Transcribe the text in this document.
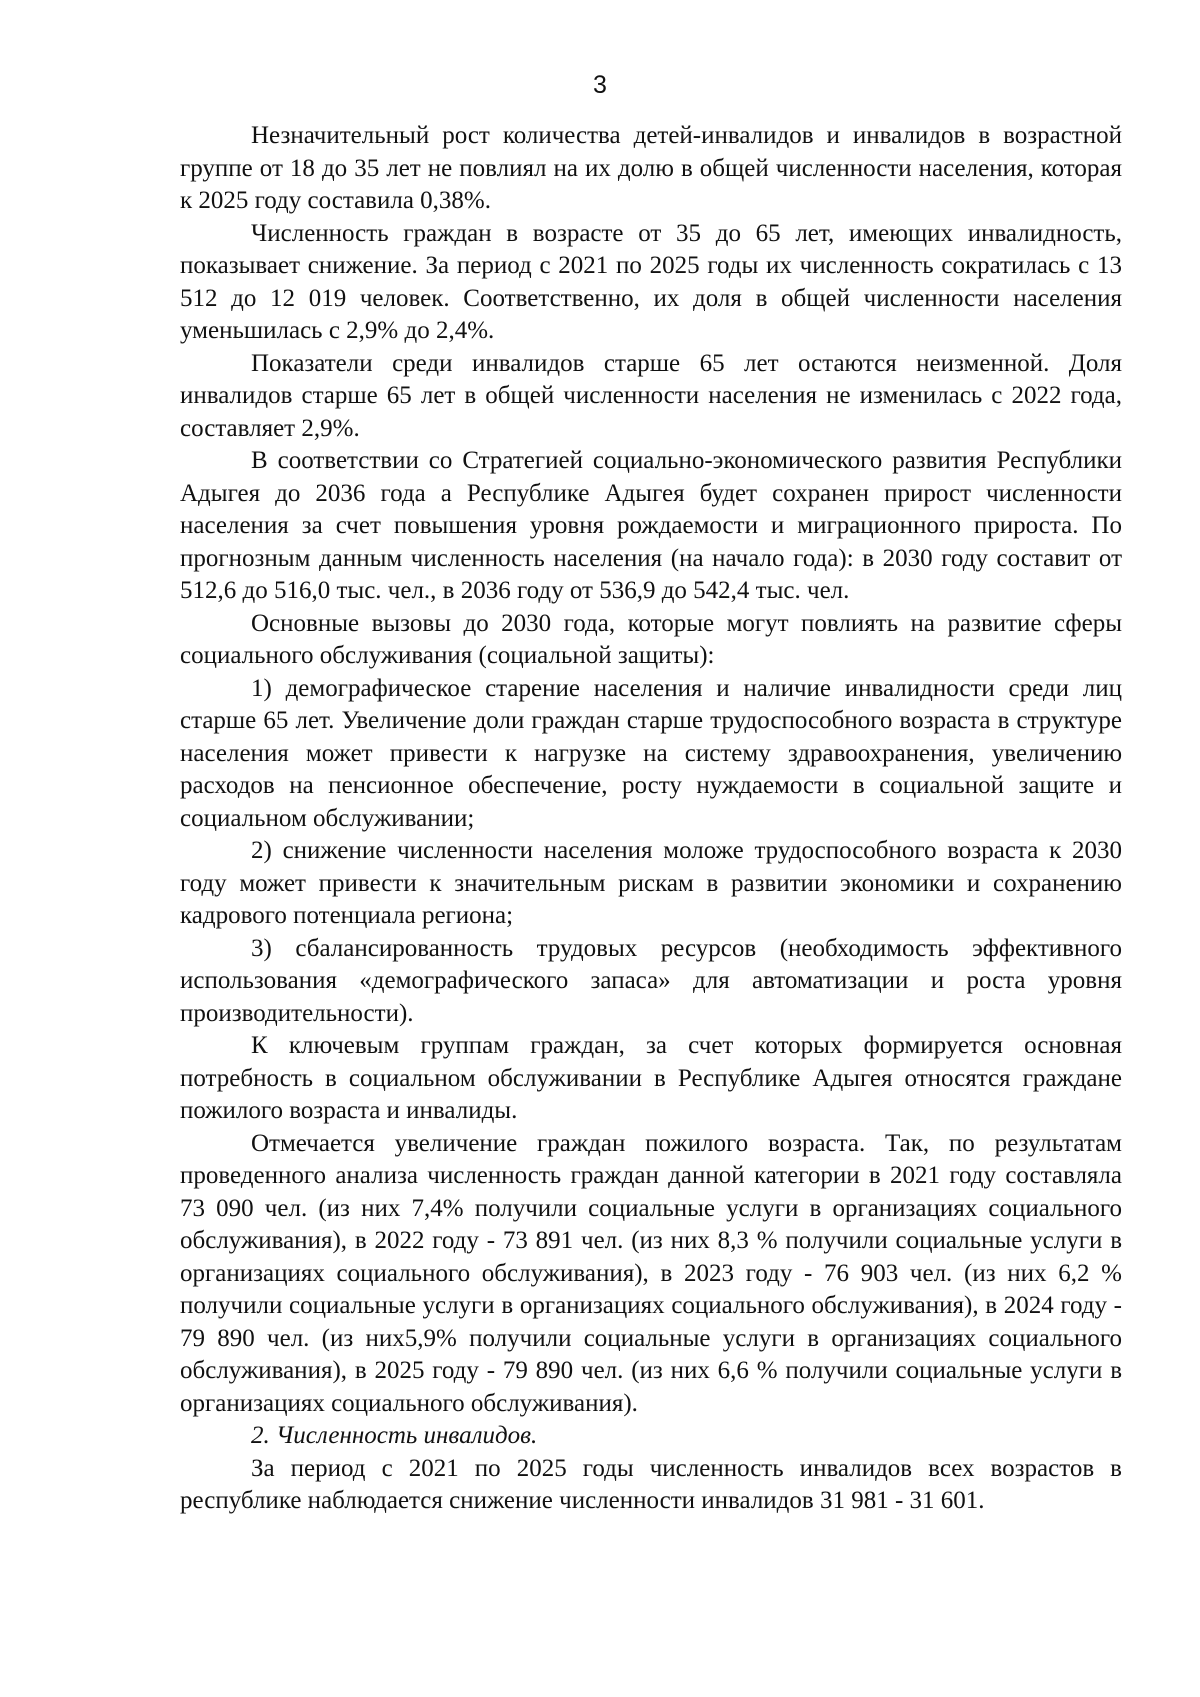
3

Незначительный рост количества детей-инвалидов и инвалидов в возрастной группе от 18 до 35 лет не повлиял на их долю в общей численности населения, которая к 2025 году составила 0,38%.

Численность граждан в возрасте от 35 до 65 лет, имеющих инвалидность, показывает снижение. За период с 2021 по 2025 годы их численность сократилась с 13 512 до 12 019 человек. Соответственно, их доля в общей численности населения уменьшилась с 2,9% до 2,4%.

Показатели среди инвалидов старше 65 лет остаются неизменной. Доля инвалидов старше 65 лет в общей численности населения не изменилась с 2022 года, составляет 2,9%.

В соответствии со Стратегией социально-экономического развития Республики Адыгея до 2036 года а Республике Адыгея будет сохранен прирост численности населения за счет повышения уровня рождаемости и миграционного прироста. По прогнозным данным численность населения (на начало года): в 2030 году составит от 512,6 до 516,0 тыс. чел., в 2036 году от 536,9 до 542,4 тыс. чел.

Основные вызовы до 2030 года, которые могут повлиять на развитие сферы социального обслуживания (социальной защиты):

1) демографическое старение населения и наличие инвалидности среди лиц старше 65 лет. Увеличение доли граждан старше трудоспособного возраста в структуре населения может привести к нагрузке на систему здравоохранения, увеличению расходов на пенсионное обеспечение, росту нуждаемости в социальной защите и социальном обслуживании;

2) снижение численности населения моложе трудоспособного возраста к 2030 году может привести к значительным рискам в развитии экономики и сохранению кадрового потенциала региона;

3) сбалансированность трудовых ресурсов (необходимость эффективного использования «демографического запаса» для автоматизации и роста уровня производительности).

К ключевым группам граждан, за счет которых формируется основная потребность в социальном обслуживании в Республике Адыгея относятся граждане пожилого возраста и инвалиды.

Отмечается увеличение граждан пожилого возраста. Так, по результатам проведенного анализа численность граждан данной категории в 2021 году составляла 73 090 чел. (из них 7,4% получили социальные услуги в организациях социального обслуживания), в 2022 году - 73 891 чел. (из них 8,3 % получили социальные услуги в организациях социального обслуживания), в 2023 году - 76 903 чел. (из них 6,2 % получили социальные услуги в организациях социального обслуживания), в 2024 году - 79 890 чел. (из них5,9% получили социальные услуги в организациях социального обслуживания), в 2025 году - 79 890 чел. (из них 6,6 % получили социальные услуги в организациях социального обслуживания).

2. Численность инвалидов.

За период с 2021 по 2025 годы численность инвалидов всех возрастов в республике наблюдается снижение численности инвалидов 31 981 - 31 601.
